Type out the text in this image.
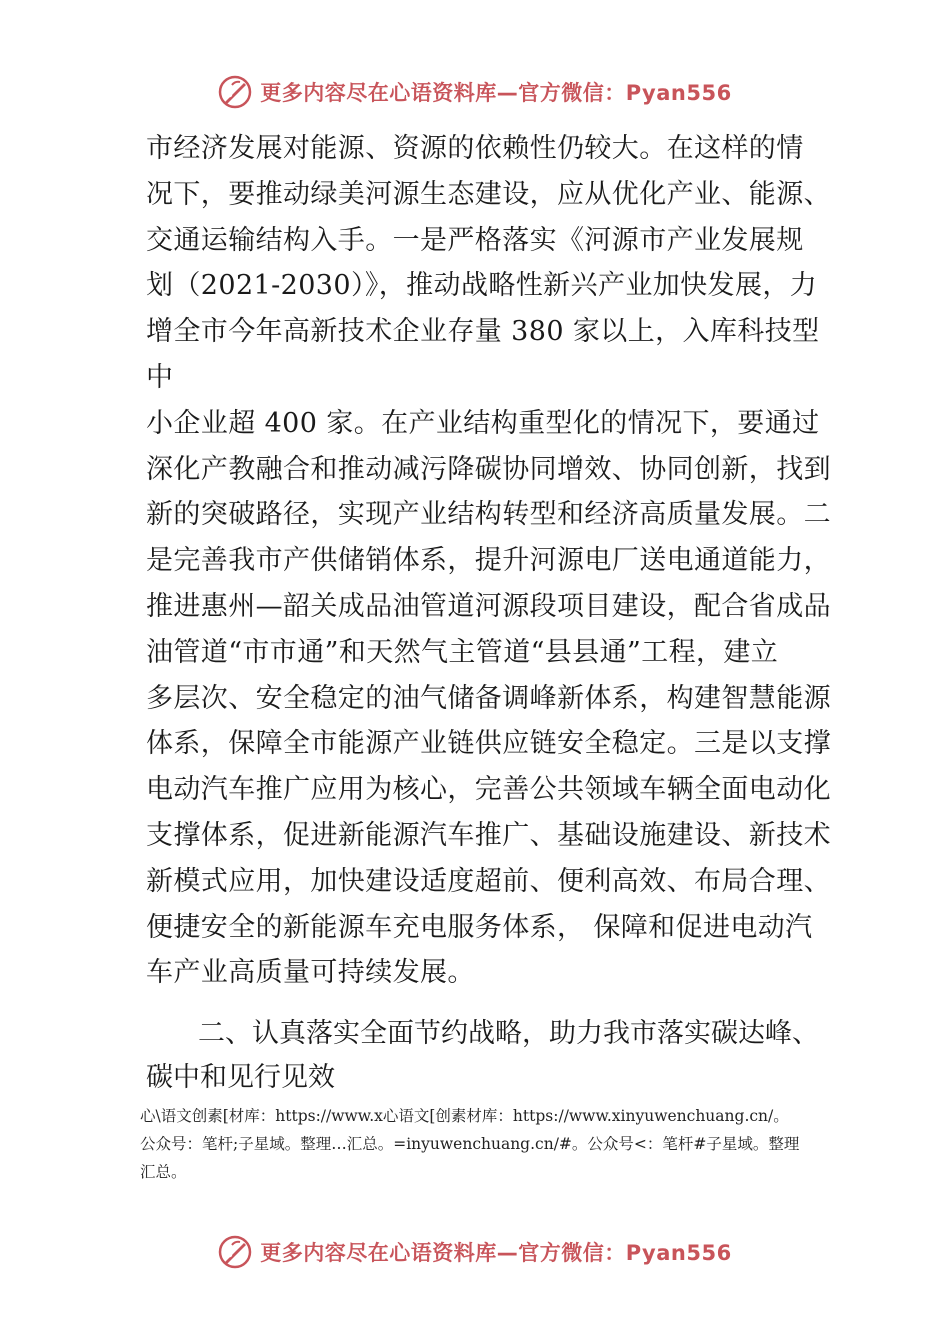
更多内容尽在心语资料库—官方微信：Pyan556
市经济发展对能源、资源的依赖性仍较大。在这样的情
况下，要推动绿美河源生态建设，应从优化产业、能源、
交通运输结构入手。一是严格落实《河源市产业发展规
划（2021-2030）》，推动战略性新兴产业加快发展，力
增全市今年高新技术企业存量 380 家以上，入库科技型
中
小企业超 400 家。在产业结构重型化的情况下，要通过
深化产教融合和推动减污降碳协同增效、协同创新，找到
新的突破路径，实现产业结构转型和经济高质量发展。二
是完善我市产供储销体系，提升河源电厂送电通道能力，
推进惠州—韶关成品油管道河源段项目建设，配合省成品
油管道“市市通”和天然气主管道“县县通”工程，建立
多层次、安全稳定的油气储备调峰新体系，构建智慧能源
体系，保障全市能源产业链供应链安全稳定。三是以支撑
电动汽车推广应用为核心，完善公共领域车辆全面电动化
支撑体系，促进新能源汽车推广、基础设施建设、新技术
新模式应用，加快建设适度超前、便利高效、布局合理、
便捷安全的新能源车充电服务体系， 保障和促进电动汽
车产业高质量可持续发展。
二、认真落实全面节约战略，助力我市落实碳达峰、
碳中和见行见效
心\语文创素[材库：https://www.x心语文[创素材库：https://www.xinyuwenchuang.cn/。
公众号：笔杆;子星域。整理…汇总。=inyuwenchuang.cn/#。公众号<：笔杆#子星域。整理
汇总。
更多内容尽在心语资料库—官方微信：Pyan556
